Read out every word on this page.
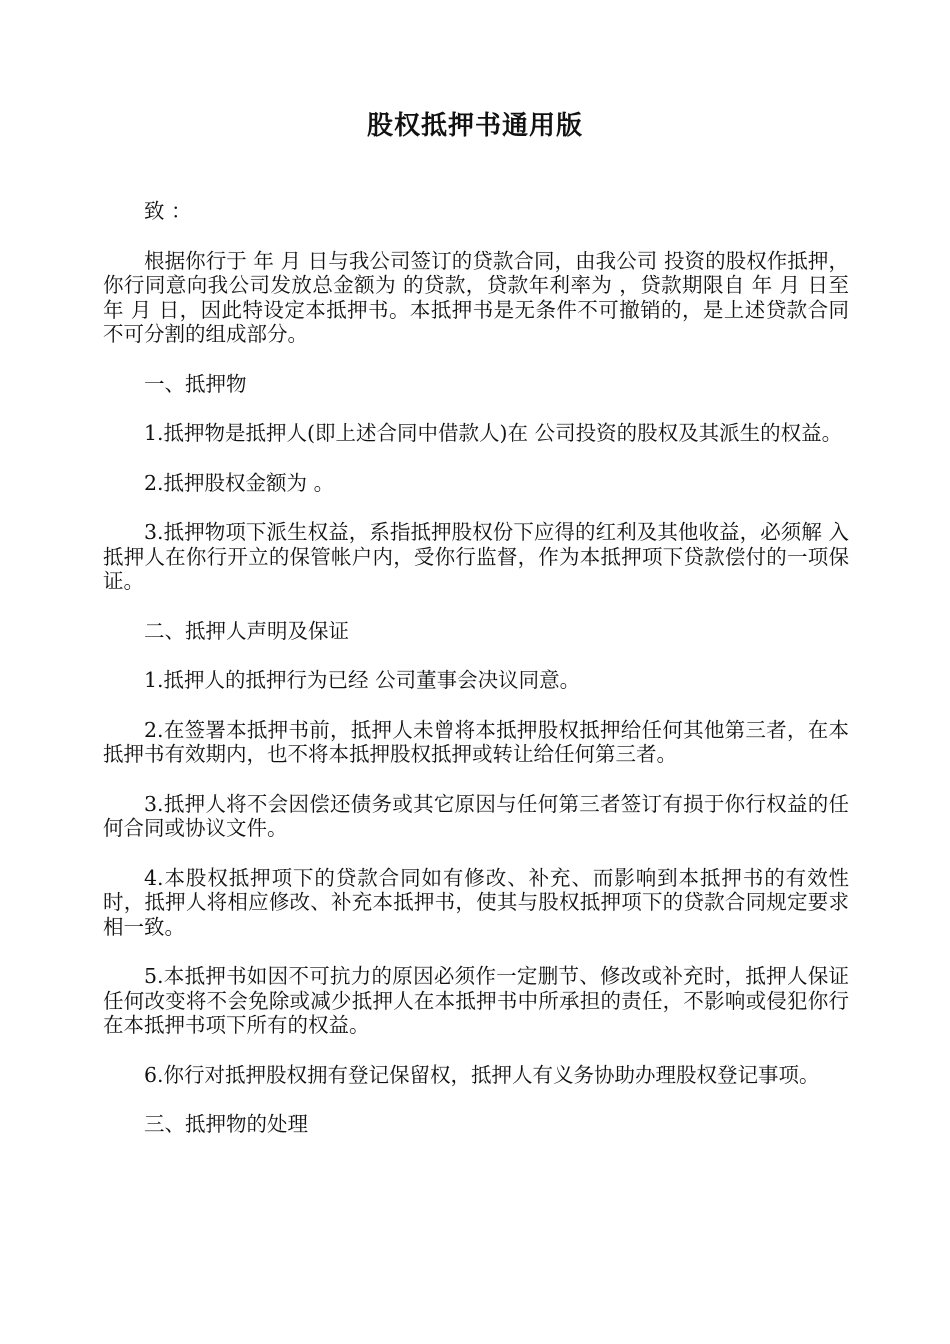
股权抵押书通用版

致 ：

根据你行于 年 月 日与我公司签订的贷款合同，由我公司 投资的股权作抵押，你行同意向我公司发放总金额为 的贷款，贷款年利率为 ，贷款期限自 年 月 日至 年 月 日，因此特设定本抵押书。本抵押书是无条件不可撤销的，是上述贷款合同不可分割的组成部分。

一、抵押物

1.抵押物是抵押人(即上述合同中借款人)在 公司投资的股权及其派生的权益。

2.抵押股权金额为 。

3.抵押物项下派生权益，系指抵押股权份下应得的红利及其他收益，必须解 入抵押人在你行开立的保管帐户内，受你行监督，作为本抵押项下贷款偿付的一项保证。

二、抵押人声明及保证

1.抵押人的抵押行为已经 公司董事会决议同意。

2.在签署本抵押书前，抵押人未曾将本抵押股权抵押给任何其他第三者，在本抵押书有效期内，也不将本抵押股权抵押或转让给任何第三者。

3.抵押人将不会因偿还债务或其它原因与任何第三者签订有损于你行权益的任何合同或协议文件。

4.本股权抵押项下的贷款合同如有修改、补充、而影响到本抵押书的有效性时，抵押人将相应修改、补充本抵押书，使其与股权抵押项下的贷款合同规定要求相一致。

5.本抵押书如因不可抗力的原因必须作一定删节、修改或补充时，抵押人保证任何改变将不会免除或减少抵押人在本抵押书中所承担的责任，不影响或侵犯你行在本抵押书项下所有的权益。

6.你行对抵押股权拥有登记保留权，抵押人有义务协助办理股权登记事项。

三、抵押物的处理
